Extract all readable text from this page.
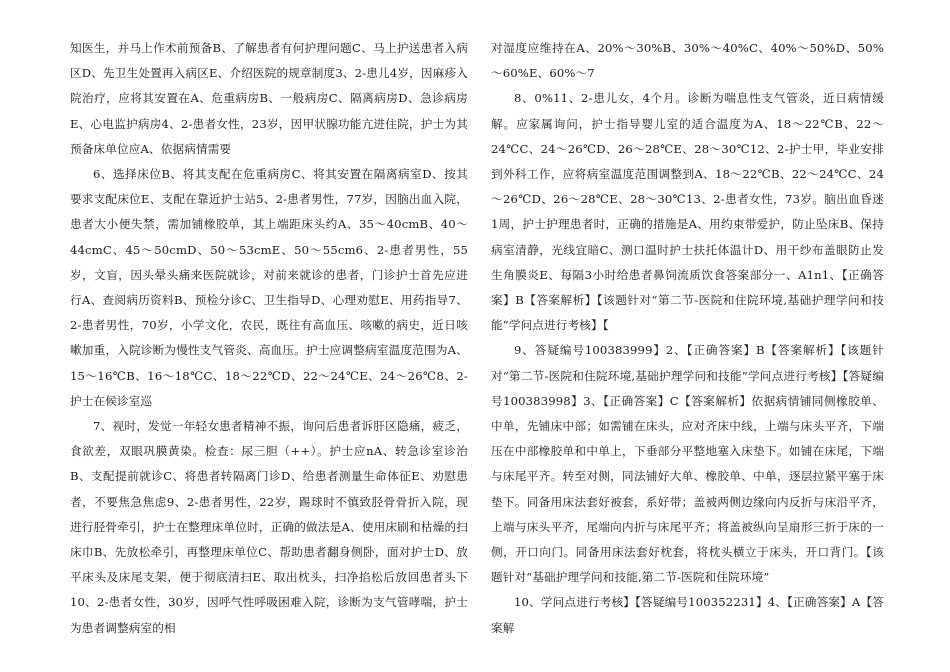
知医生，并马上作术前预备B、了解患者有何护理问题C、马上护送患者入病区D、先卫生处置再入病区E、介绍医院的规章制度3、2-患儿4岁，因麻疹入院治疗，应将其安置在A、危重病房B、一般病房C、隔离病房D、急诊病房E、心电监护病房4、2-患者女性，23岁，因甲状腺功能亢进住院，护士为其预备床单位应A、依据病情需要

6、选择床位B、将其支配在危重病房C、将其安置在隔离病室D、按其要求支配床位E、支配在靠近护士站5、2-患者男性，77岁，因脑出血入院，患者大小便失禁，需加铺橡胶单，其上端距床头约A、35～40cmB、40～44cmC、45～50cmD、50～53cmE、50～55cm6、2-患者男性，55岁，文盲，因头晕头痛来医院就诊，对前来就诊的患者，门诊护士首先应进行A、查阅病历资料B、预检分诊C、卫生指导D、心理劝慰E、用药指导7、2-患者男性，70岁，小学文化，农民，既往有高血压、咳嗽的病史，近日咳嗽加重，入院诊断为慢性支气管炎、高血压。护士应调整病室温度范围为A、15～16℃B、16～18℃C、18～22℃D、22～24℃E、24～26℃8、2-护士在候诊室巡

7、视时，发觉一年轻女患者精神不振，询问后患者诉肝区隐痛，疲乏，食欲差，双眼巩膜黄染。检查：尿三胆（++）。护士应nA、转急诊室诊治B、支配提前就诊C、将患者转隔离门诊D、给患者测量生命体征E、劝慰患者，不要焦急焦虑9、2-患者男性，22岁，踢球时不慎致胫骨骨折入院，现进行胫骨牵引，护士在整理床单位时，正确的做法是A、使用床刷和枯燥的扫床巾B、先放松牵引，再整理床单位C、帮助患者翻身侧卧，面对护士D、放平床头及床尾支架，便于彻底清扫E、取出枕头，扫净掐松后放回患者头下10、2-患者女性，30岁，因呼气性呼吸困难入院，诊断为支气管哮喘，护士为患者调整病室的相

对湿度应维持在A、20%～30%B、30%～40%C、40%～50%D、50%～60%E、60%～7

8、0%11、2-患儿女，4个月。诊断为喘息性支气管炎，近日病情缓解。应家属询问，护士指导婴儿室的适合温度为A、18～22℃B、22～24℃C、24～26℃D、26～28℃E、28～30℃12、2-护士甲，毕业安排到外科工作，应将病室温度范围调整到A、18～22℃B、22～24℃C、24～26℃D、26～28℃E、28～30℃13、2-患者女性，73岁。脑出血昏迷1周，护士护理患者时，正确的措施是A、用约束带爱护，防止坠床B、保持病室清静，光线宜暗C、测口温时护士扶托体温计D、用干纱布盖眼防止发生角膜炎E、每隔3小时给患者鼻饲流质饮食答案部分一、A1n1、【正确答案】B【答案解析】【该题针对“第二节-医院和住院环境,基础护理学问和技能”学问点进行考核】【

9、答疑编号100383999】2、【正确答案】B【答案解析】【该题针对“第二节-医院和住院环境,基础护理学问和技能”学问点进行考核】【答疑编号100383998】3、【正确答案】C【答案解析】依据病情铺同侧橡胶单、中单，先铺床中部；如需铺在床头，应对齐床中线，上端与床头平齐，下端压在中部橡胶单和中单上，下垂部分平整地塞入床垫下。如铺在床尾，下端与床尾平齐。转至对侧，同法铺好大单、橡胶单、中单，逐层拉紧平塞于床垫下。同备用床法套好被套，系好带；盖被两侧边缘向内反折与床沿平齐，上端与床头平齐，尾端向内折与床尾平齐；将盖被纵向呈扇形三折于床的一侧，开口向门。同备用床法套好枕套，将枕头横立于床头，开口背门。【该题针对“基础护理学问和技能,第二节-医院和住院环境”

10、学问点进行考核】【答疑编号100352231】4、【正确答案】A【答案解
